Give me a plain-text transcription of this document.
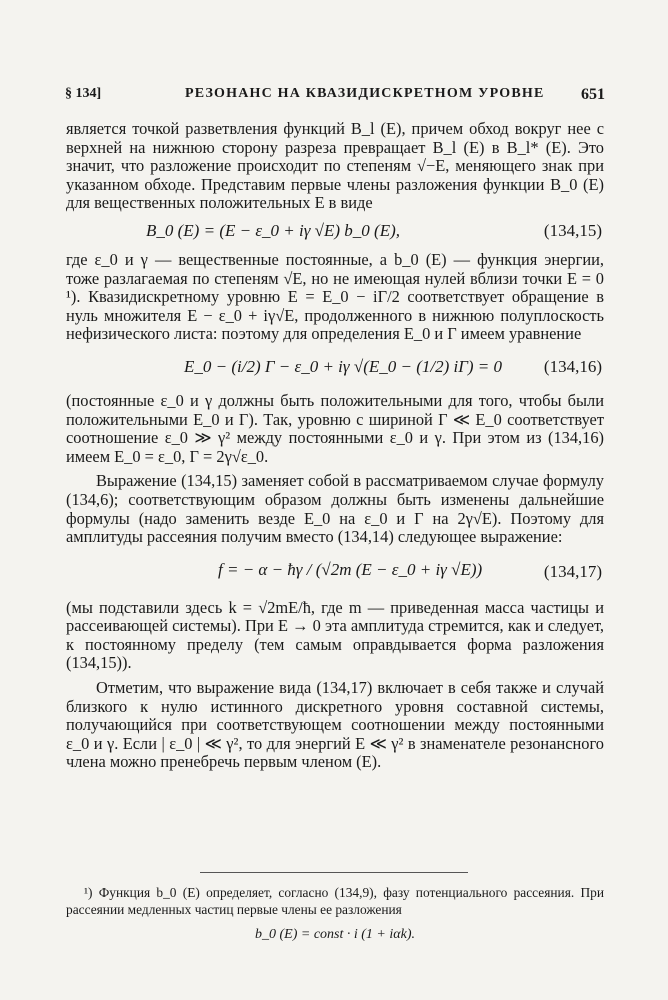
§ 134]	РЕЗОНАНС НА КВАЗИДИСКРЕТНОМ УРОВНЕ 651

является точкой разветвления функций B_l (E), причем обход вокруг нее с верхней на нижнюю сторону разреза превращает B_l (E) в B_l* (E). Это значит, что разложение происходит по степеням √−E, меняющего знак при указанном обходе. Представим первые члены разложения функции B_0 (E) для вещественных положительных E в виде

B_0 (E) = (E − ε_0 + iγ √E) b_0 (E),	(134,15)

где ε_0 и γ — вещественные постоянные, а b_0 (E) — функция энергии, тоже разлагаемая по степеням √E, но не имеющая нулей вблизи точки E = 0 ¹). Квазидискретному уровню E = E_0 − iΓ/2 соответствует обращение в нуль множителя E − ε_0 + iγ√E, продолженного в нижнюю полуплоскость нефизического листа: поэтому для определения E_0 и Γ имеем уравнение

E_0 − (i/2) Γ − ε_0 + iγ √(E_0 − (1/2) iΓ) = 0 (134,16)

(постоянные ε_0 и γ должны быть положительными для того, чтобы были положительными E_0 и Γ). Так, уровню с шириной Γ ≪ E_0 соответствует соотношение ε_0 ≫ γ² между постоянными ε_0 и γ. При этом из (134,16) имеем E_0 = ε_0, Γ = 2γ√ε_0.

Выражение (134,15) заменяет собой в рассматриваемом случае формулу (134,6); соответствующим образом должны быть изменены дальнейшие формулы (надо заменить везде E_0 на ε_0 и Γ на 2γ√E). Поэтому для амплитуды рассеяния получим вместо (134,14) следующее выражение:

f = − α − ħγ / (√2m (E − ε_0 + iγ √E))	(134,17)

(мы подставили здесь k = √2mE/ħ, где m — приведенная масса частицы и рассеивающей системы). При E → 0 эта амплитуда стремится, как и следует, к постоянному пределу (тем самым оправдывается форма разложения (134,15)).

Отметим, что выражение вида (134,17) включает в себя также и случай близкого к нулю истинного дискретного уровня составной системы, получающийся при соответствующем соотношении между постоянными ε_0 и γ. Если | ε_0 | ≪ γ², то для энергий E ≪ γ² в знаменателе резонансного члена можно пренебречь первым членом (E).

¹) Функция b_0 (E) определяет, согласно (134,9), фазу потенциального рассеяния. При рассеянии медленных частиц первые члены ее разложения

b_0 (E) = const · i (1 + iαk).
